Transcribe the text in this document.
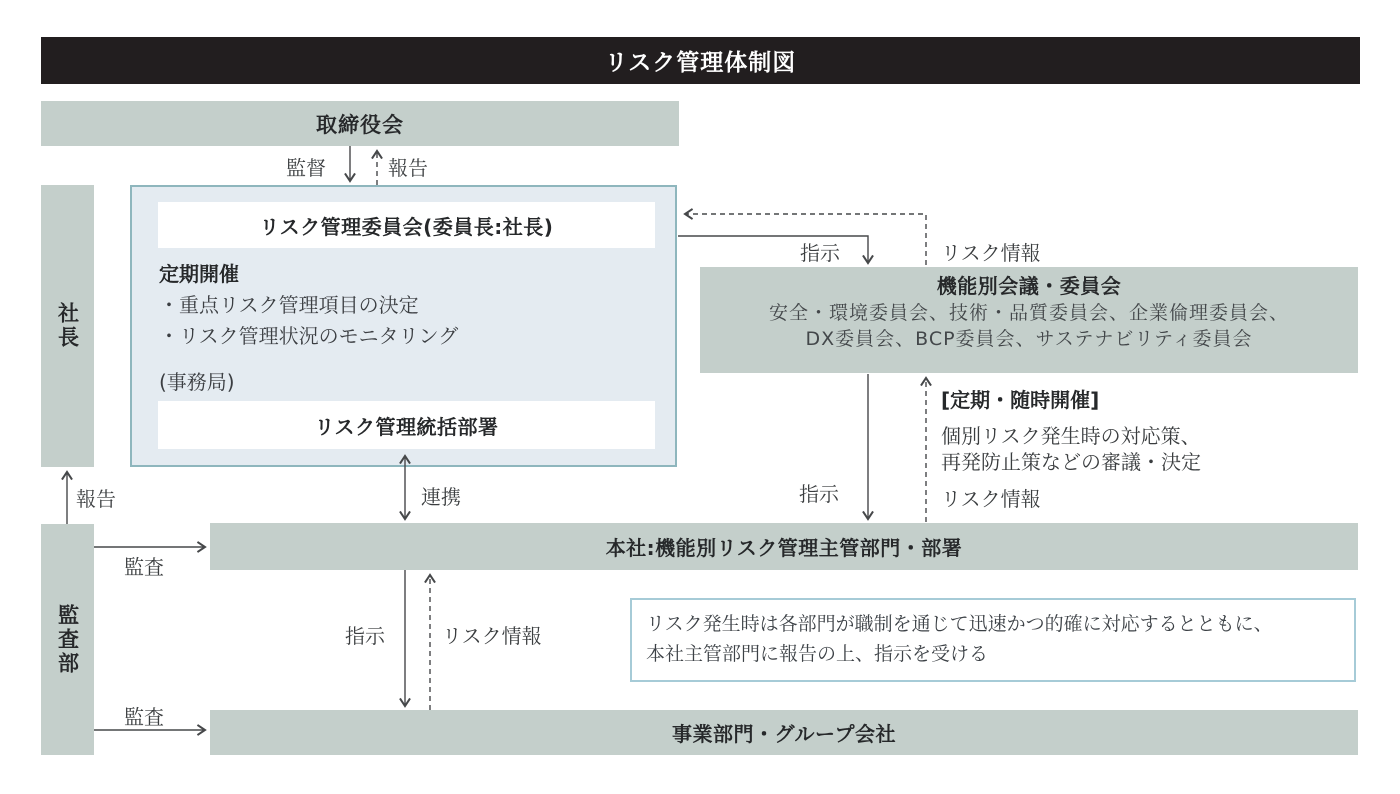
リスク管理体制図
取締役会
社長
監査部
リスク管理委員会(委員長:社長)
定期開催
・重点リスク管理項目の決定
・リスク管理状況のモニタリング
(事務局)
リスク管理統括部署
機能別会議・委員会
安全・環境委員会、技術・品質委員会、企業倫理委員会、
DX委員会、BCP委員会、サステナビリティ委員会
本社:機能別リスク管理主管部門・部署
事業部門・グループ会社
リスク発生時は各部門が職制を通じて迅速かつ的確に対応するとともに、
本社主管部門に報告の上、指示を受ける
監督	報告
指示	リスク情報
指示
[定期・随時開催]
個別リスク発生時の対応策、
再発防止策などの審議・決定
リスク情報
連携
報告
監査
監査
指示	リスク情報
